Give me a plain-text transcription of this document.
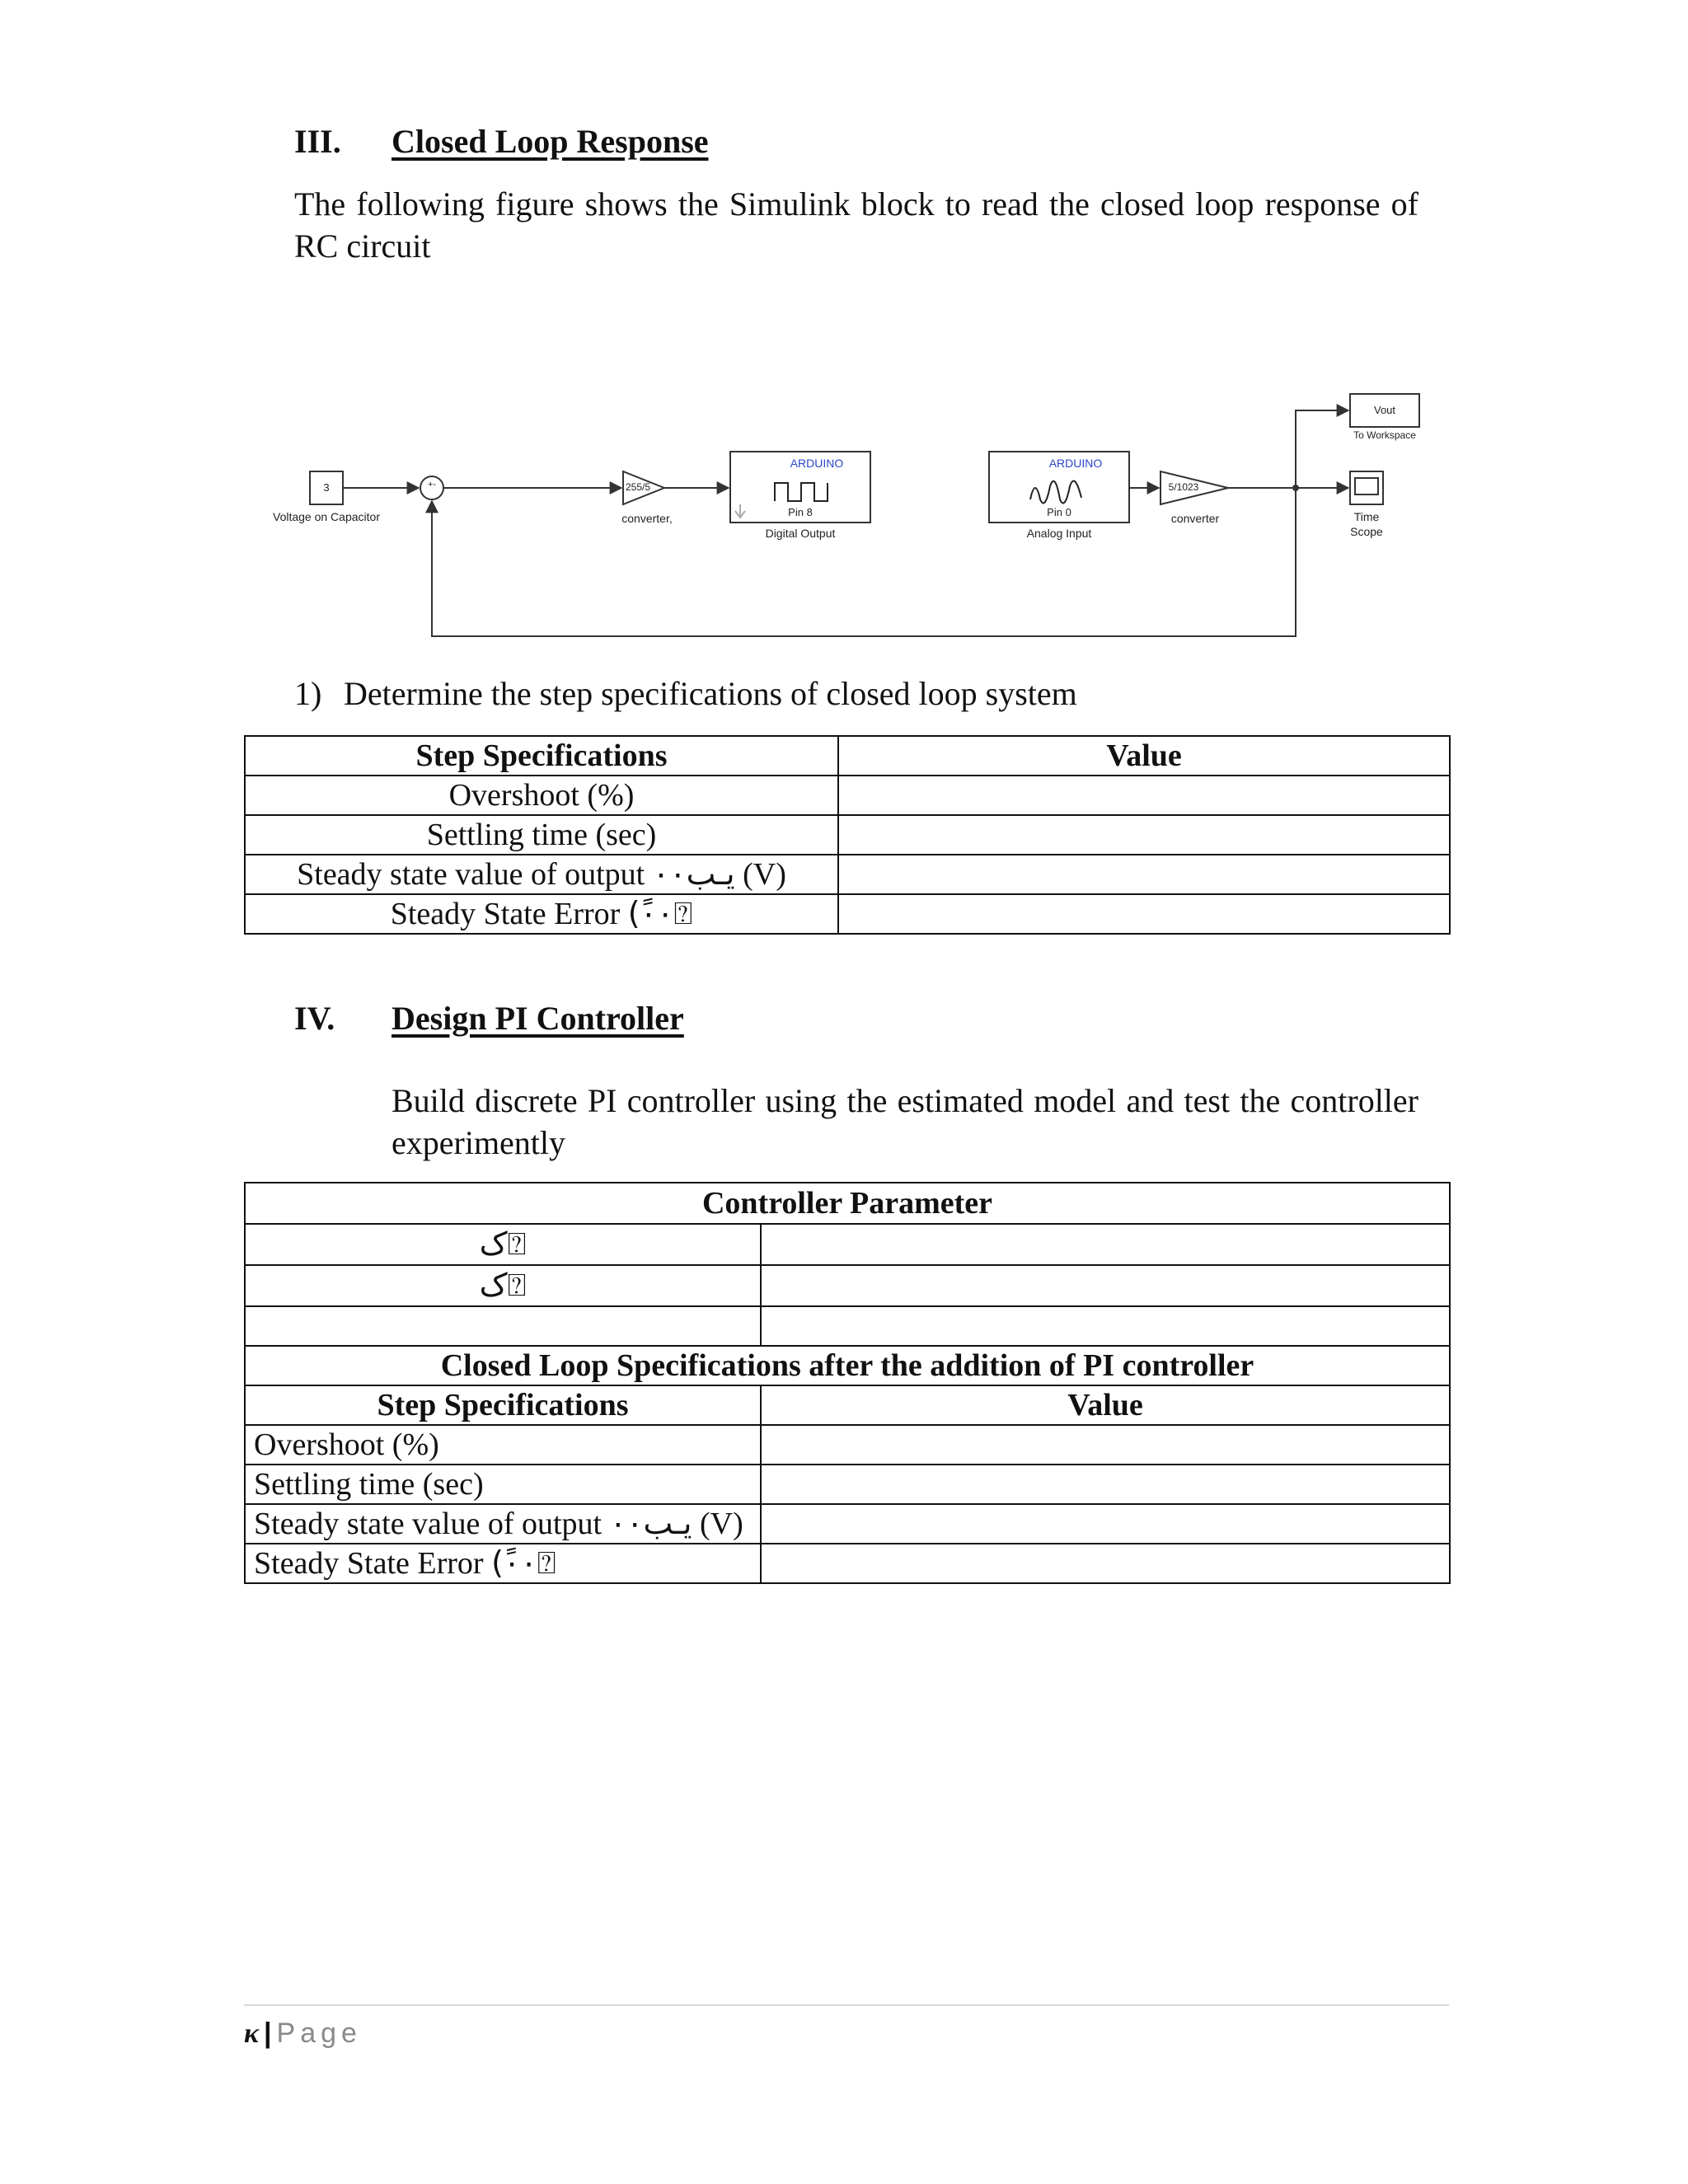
III. Closed Loop Response
The following figure shows the Simulink block to read the closed loop response of RC circuit
3
Voltage on Capacitor
+-	255/5
converter,
ARDUINO
Pin 8
Digital Output
ARDUINO
Pin 0
Analog Input
5/1023
converter
Vout
To Workspace
Time
Scope
1) Determine the step specifications of closed loop system
Step Specifications	Value
Overshoot (%)	
Settling time (sec)	
Steady state value of output يـب٠٠ (V)	
Steady State Error (ً٠٠⍰	
IV. Design PI Controller
Build discrete PI controller using the estimated model and test the controller experimently
Controller Parameter	
ک⍰	
ک⍰	

Closed Loop Specifications after the addition of PI controller	
Step Specifications	Value
Overshoot (%)	
Settling time (sec)	
Steady state value of output يـب٠٠ (V)	
Steady State Error (ً٠٠⍰	
κ | Page
